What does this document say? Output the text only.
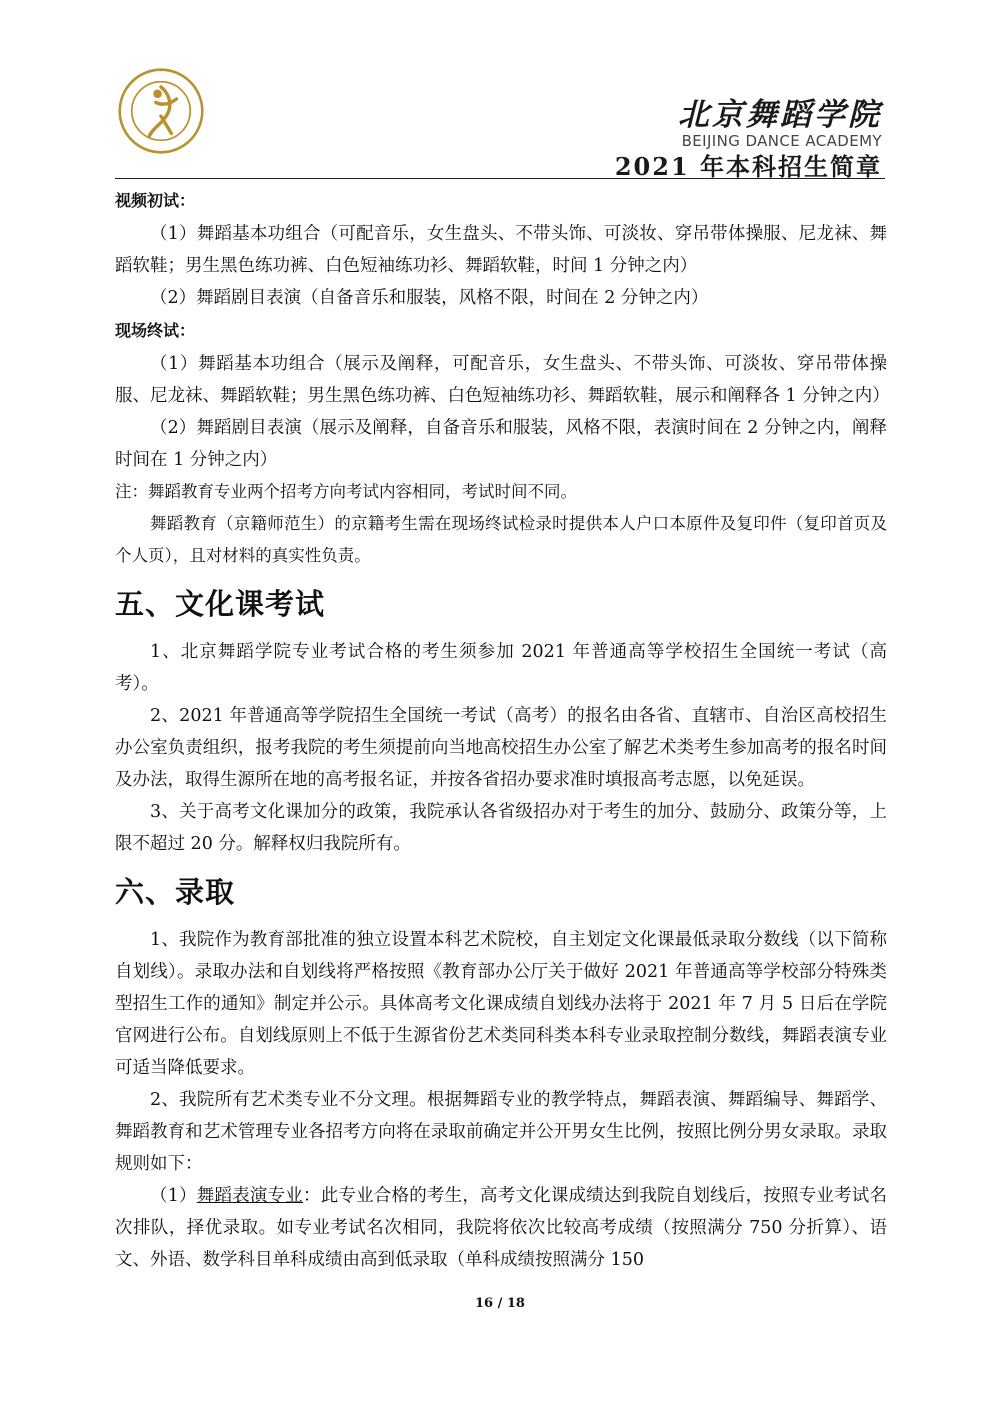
北京舞蹈学院
BEIJING DANCE ACADEMY
2021 年本科招生简章
视频初试：

（1）舞蹈基本功组合（可配音乐，女生盘头、不带头饰、可淡妆、穿吊带体操服、尼龙袜、舞蹈软鞋；男生黑色练功裤、白色短袖练功衫、舞蹈软鞋，时间 1 分钟之内）

（2）舞蹈剧目表演（自备音乐和服装，风格不限，时间在 2 分钟之内）

现场终试：

（1）舞蹈基本功组合（展示及阐释，可配音乐，女生盘头、不带头饰、可淡妆、穿吊带体操服、尼龙袜、舞蹈软鞋；男生黑色练功裤、白色短袖练功衫、舞蹈软鞋，展示和阐释各 1 分钟之内）

（2）舞蹈剧目表演（展示及阐释，自备音乐和服装，风格不限，表演时间在 2 分钟之内，阐释时间在 1 分钟之内）

注：舞蹈教育专业两个招考方向考试内容相同，考试时间不同。

舞蹈教育（京籍师范生）的京籍考生需在现场终试检录时提供本人户口本原件及复印件（复印首页及个人页），且对材料的真实性负责。

五、文化课考试

1、北京舞蹈学院专业考试合格的考生须参加 2021 年普通高等学校招生全国统一考试（高考）。

2、2021 年普通高等学院招生全国统一考试（高考）的报名由各省、直辖市、自治区高校招生办公室负责组织，报考我院的考生须提前向当地高校招生办公室了解艺术类考生参加高考的报名时间及办法，取得生源所在地的高考报名证，并按各省招办要求准时填报高考志愿，以免延误。

3、关于高考文化课加分的政策，我院承认各省级招办对于考生的加分、鼓励分、政策分等，上限不超过 20 分。解释权归我院所有。

六、录取

1、我院作为教育部批准的独立设置本科艺术院校，自主划定文化课最低录取分数线（以下简称自划线）。录取办法和自划线将严格按照《教育部办公厅关于做好 2021 年普通高等学校部分特殊类型招生工作的通知》制定并公示。具体高考文化课成绩自划线办法将于 2021 年 7 月 5 日后在学院官网进行公布。自划线原则上不低于生源省份艺术类同科类本科专业录取控制分数线，舞蹈表演专业可适当降低要求。

2、我院所有艺术类专业不分文理。根据舞蹈专业的教学特点，舞蹈表演、舞蹈编导、舞蹈学、舞蹈教育和艺术管理专业各招考方向将在录取前确定并公开男女生比例，按照比例分男女录取。录取规则如下：

（1）舞蹈表演专业：此专业合格的考生，高考文化课成绩达到我院自划线后，按照专业考试名次排队，择优录取。如专业考试名次相同，我院将依次比较高考成绩（按照满分 750 分折算）、语文、外语、数学科目单科成绩由高到低录取（单科成绩按照满分 150

16 / 18
